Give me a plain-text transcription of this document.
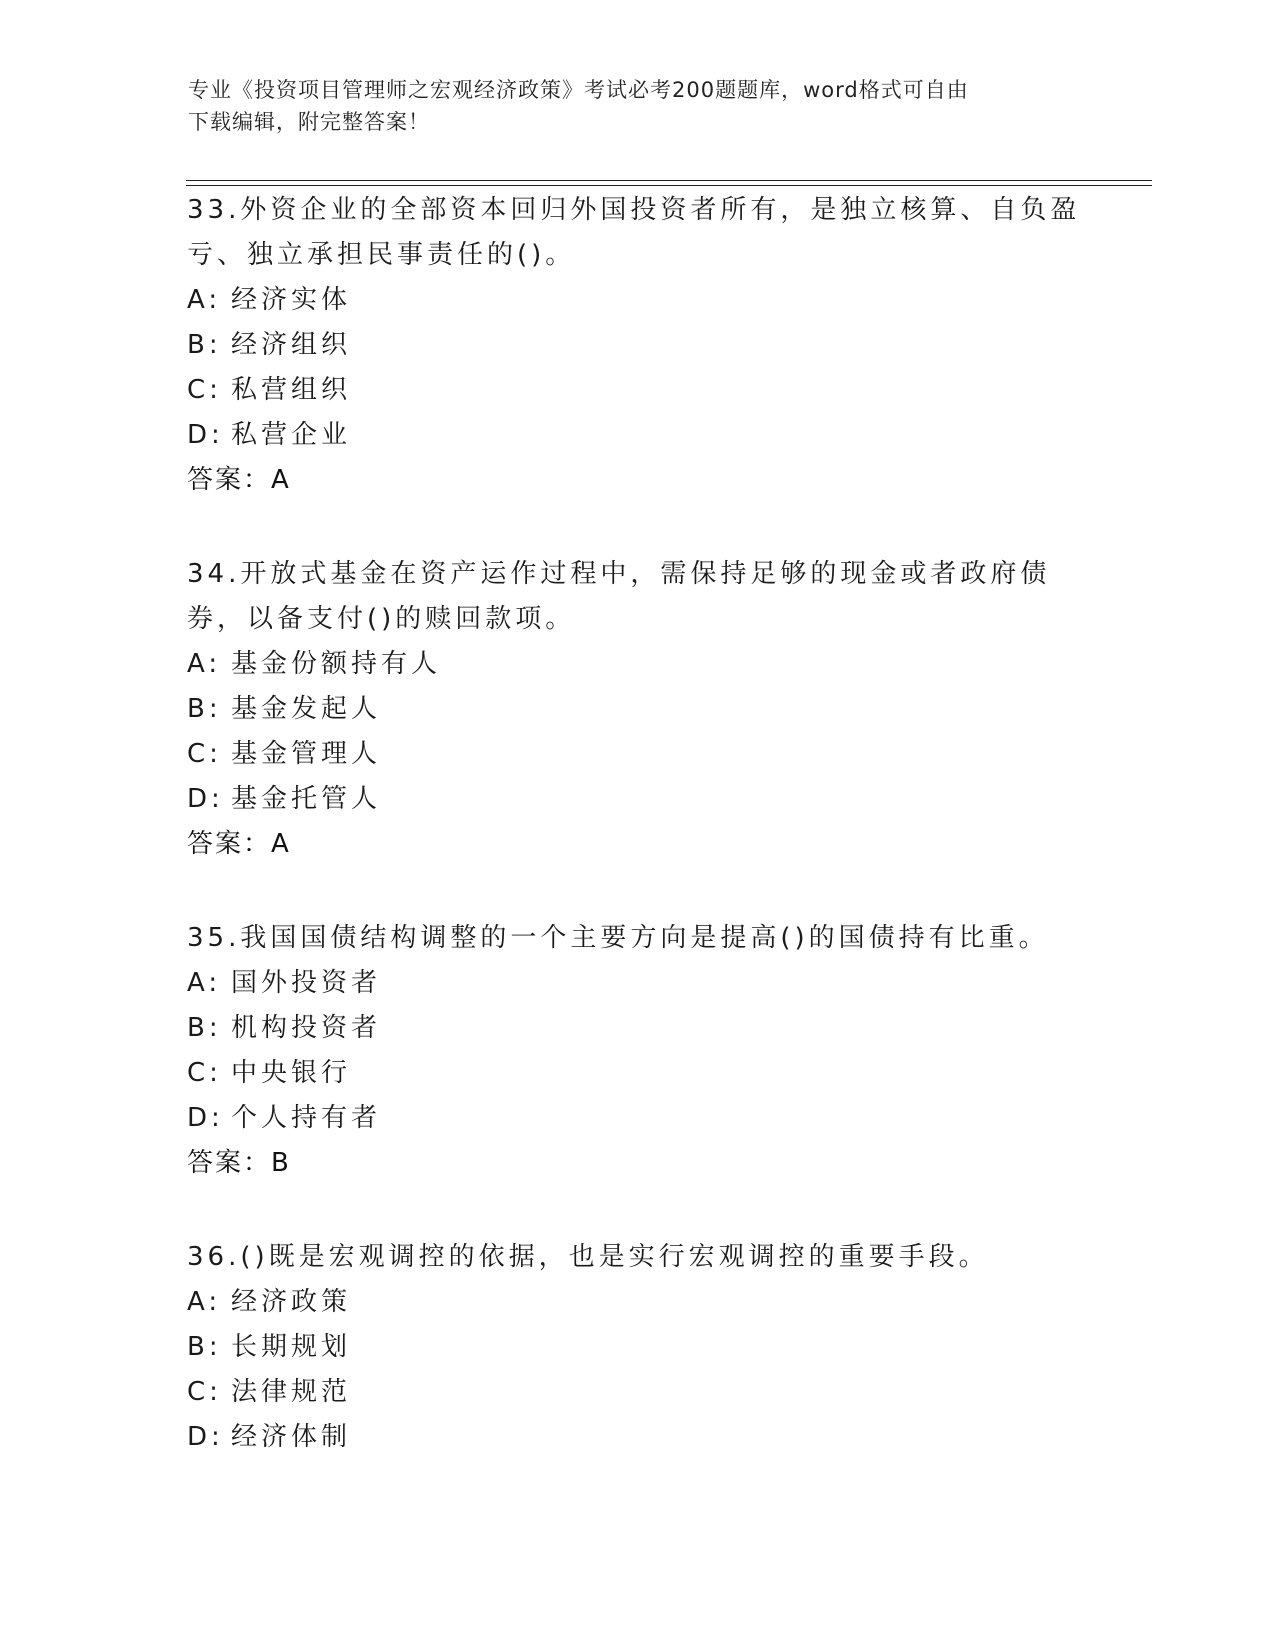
专业《投资项目管理师之宏观经济政策》考试必考200题题库，word格式可自由
下载编辑，附完整答案！
33.外资企业的全部资本回归外国投资者所有，是独立核算、自负盈亏、独立承担民事责任的()。
A: 经济实体
B: 经济组织
C: 私营组织
D: 私营企业
答案：A
34.开放式基金在资产运作过程中，需保持足够的现金或者政府债券，以备支付()的赎回款项。
A: 基金份额持有人
B: 基金发起人
C: 基金管理人
D: 基金托管人
答案：A
35.我国国债结构调整的一个主要方向是提高()的国债持有比重。
A: 国外投资者
B: 机构投资者
C: 中央银行
D: 个人持有者
答案：B
36.()既是宏观调控的依据，也是实行宏观调控的重要手段。
A: 经济政策
B: 长期规划
C: 法律规范
D: 经济体制
